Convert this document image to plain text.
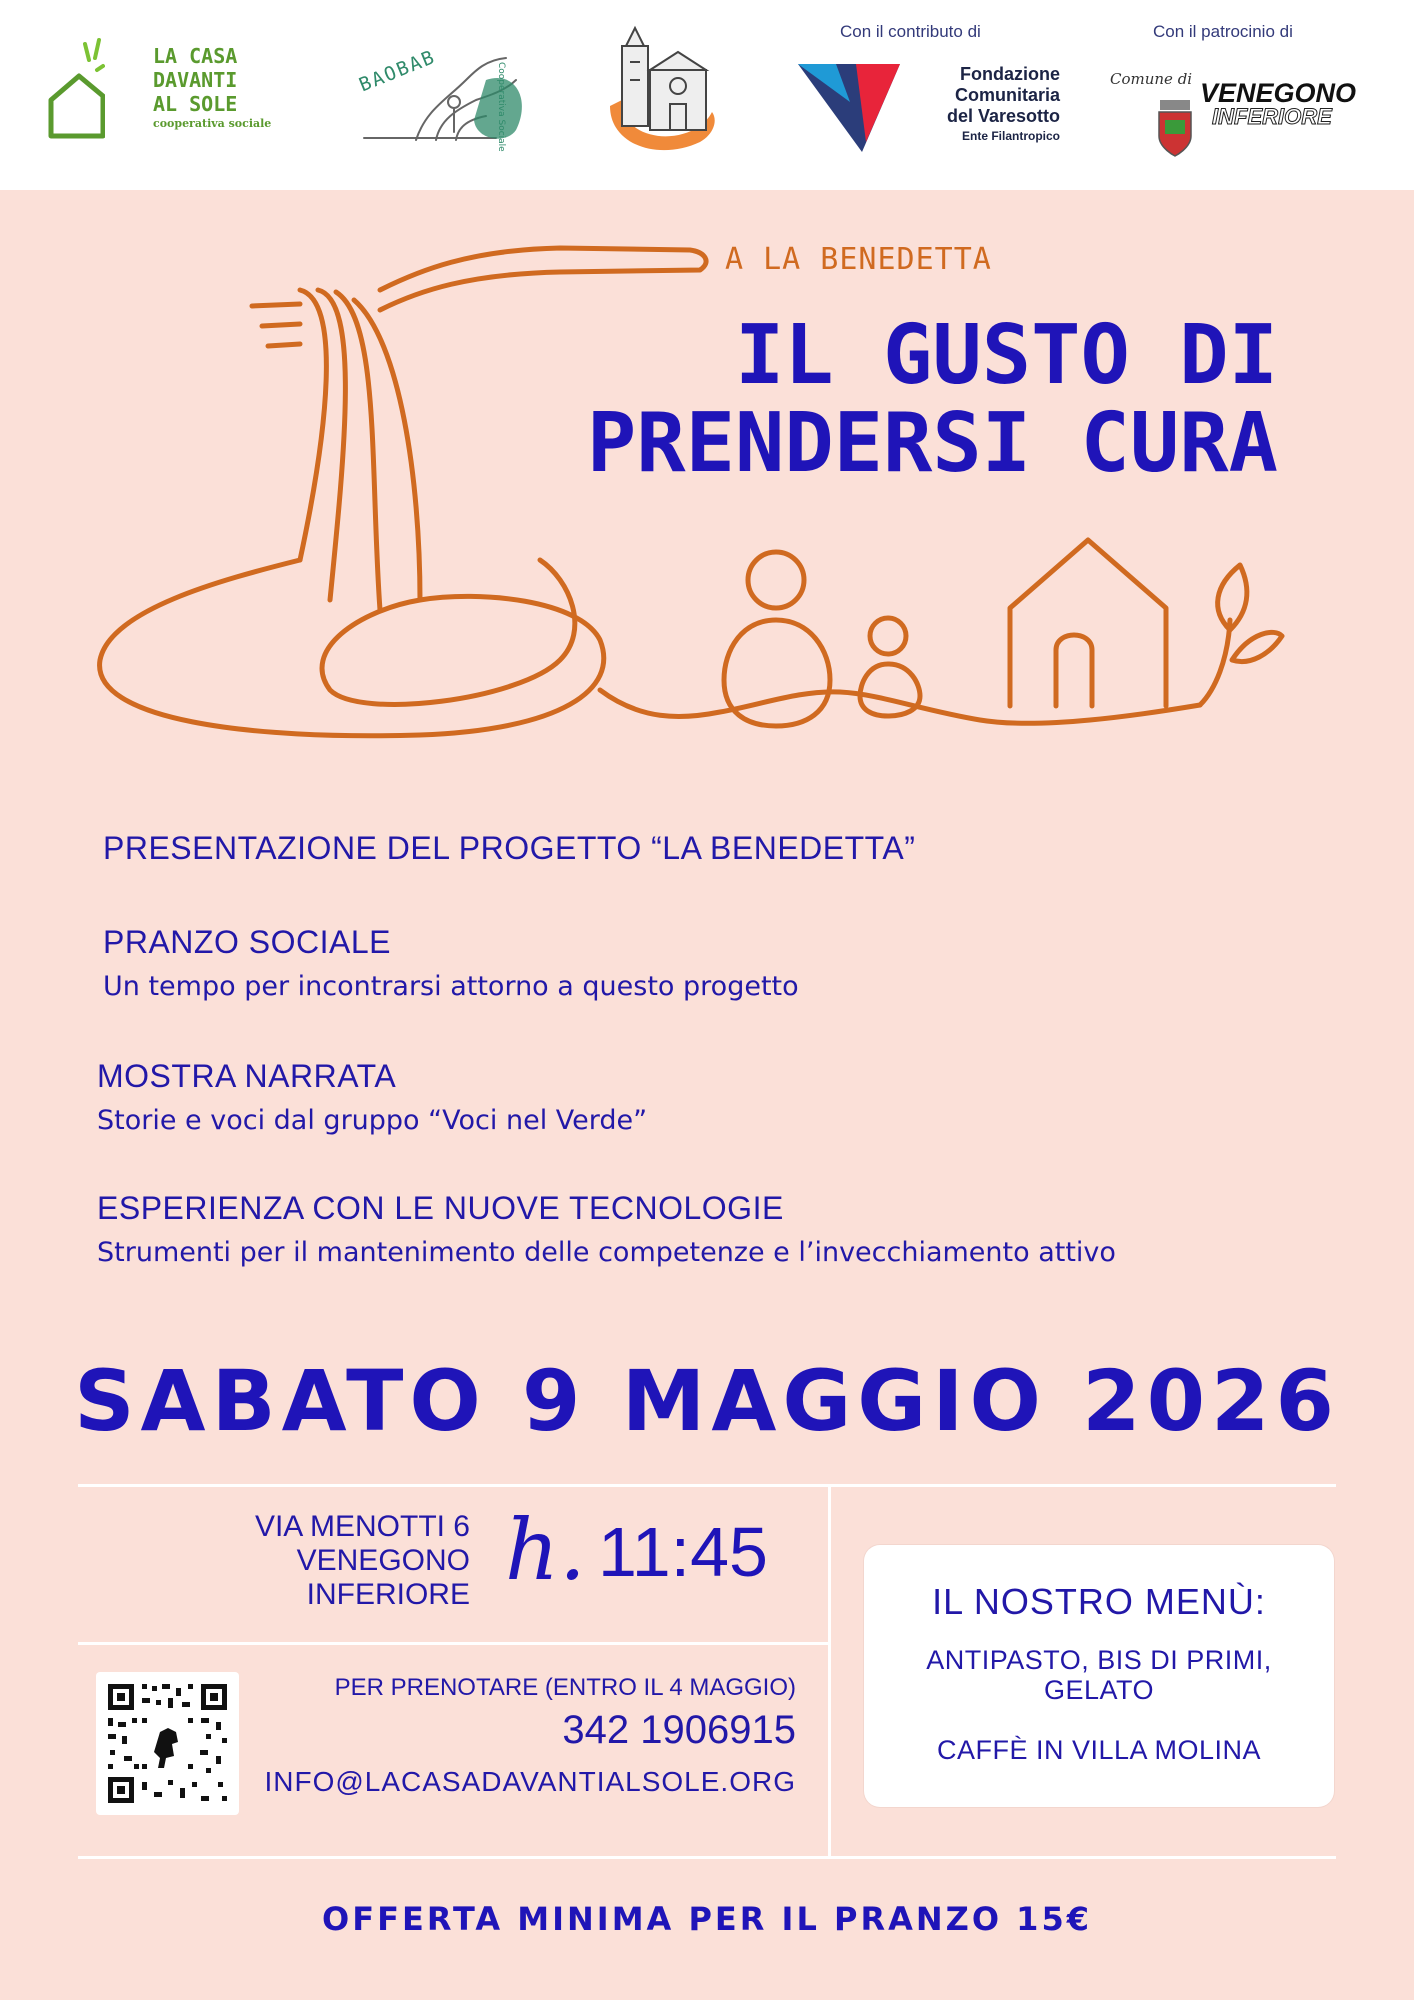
LA CASA
DAVANTI
AL SOLE
cooperativa sociale
BAOBAB	Cooperativa Sociale
Con il contributo di
Fondazione
Comunitaria
del Varesotto
Ente Filantropico
Con il patrocinio di
Comune di VENEGONO
INFERIORE
A LA BENEDETTA
IL GUSTO DI
PRENDERSI CURA
PRESENTAZIONE DEL PROGETTO “LA BENEDETTA”
PRANZO SOCIALE
Un tempo per incontrarsi attorno a questo progetto
MOSTRA NARRATA
Storie e voci dal gruppo “Voci nel Verde”
ESPERIENZA CON LE NUOVE TECNOLOGIE
Strumenti per il mantenimento delle competenze e l’invecchiamento attivo
SABATO 9 MAGGIO 2026
VIA MENOTTI 6
VENEGONO
INFERIORE h. 11:45
PER PRENOTARE (ENTRO IL 4 MAGGIO)
342 1906915
INFO@LACASADAVANTIALSOLE.ORG
IL NOSTRO MENÙ:
ANTIPASTO, BIS DI PRIMI,
GELATO
CAFFÈ IN VILLA MOLINA
OFFERTA MINIMA PER IL PRANZO 15€
